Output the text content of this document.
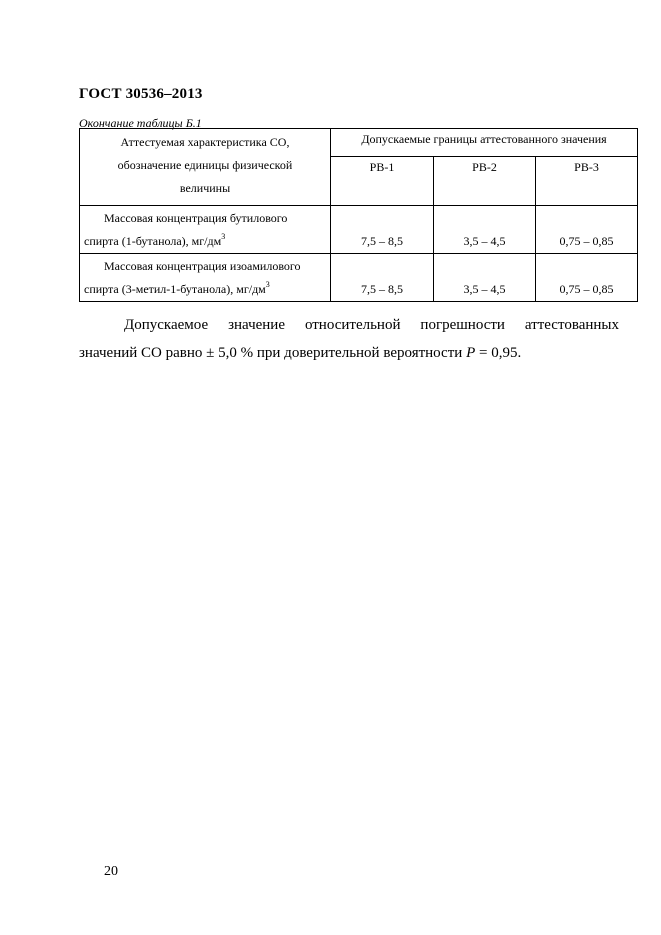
ГОСТ 30536–2013
Окончание таблицы Б.1
Аттестуемая характеристика СО,
обозначение единицы физической
величины	Допускаемые границы аттестованного значения		
	РВ-1	РВ-2	РВ-3

Массовая концентрация бутилового
спирта (1-бутанола), $мг/дм^3$	7,5 – 8,5	3,5 – 4,5	0,75 – 0,85

Массовая концентрация изоамилового
спирта (3-метил-1-бутанола), $мг/дм^3$	7,5 – 8,5	3,5 – 4,5	0,75 – 0,85
Допускаемое значение относительной погрешности аттестованных
значений СО равно ± 5,0 % при доверительной вероятности P = 0,95.
20
